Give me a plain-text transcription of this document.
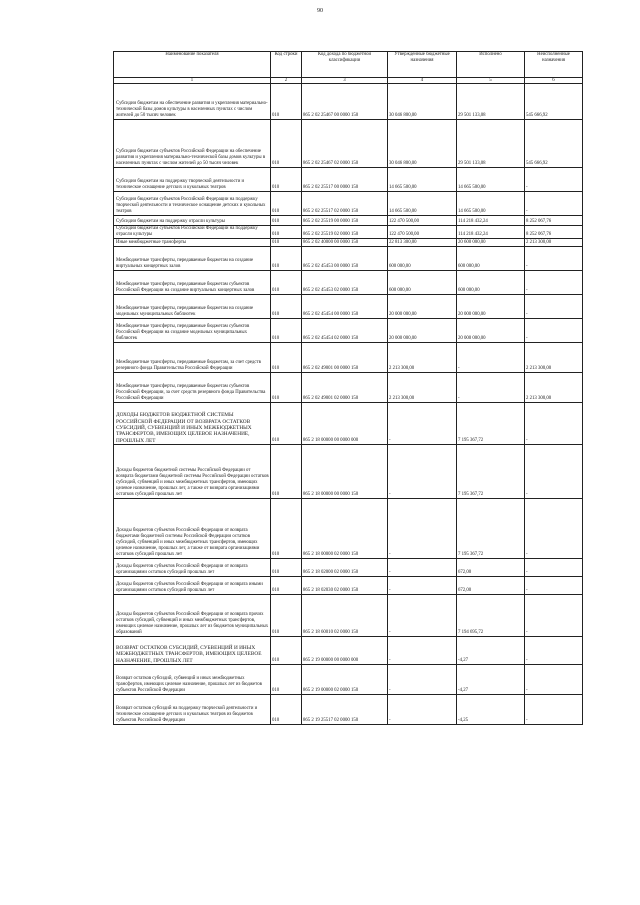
90
Наименование показателя	Код строки	Код дохода по бюджетной классификации	Утвержденные бюджетные назначения	Исполнено	Неисполненные назначения
1	2	3	4	5	6
Субсидии бюджетам на обеспечение развития и укрепления материально-технической базы домов культуры в населенных пунктах с числом жителей до 50 тысяч человек	010	865 2 02 25467 00 0000 150	30 046 800,00	29 501 133,08	545 666,92
Субсидии бюджетам субъектов Российской Федерации на обеспечение развития и укрепления материально-технической базы домов культуры в населенных пунктах с числом жителей до 50 тысяч человек	010	865 2 02 25467 02 0000 150	30 046 800,00	29 501 133,08	545 666,92
Субсидии бюджетам на поддержку творческой деятельности и техническое оснащение детских и кукольных театров	010	865 2 02 25517 00 0000 150	14 665 500,00	14 665 500,00	-
Субсидии бюджетам субъектов Российской Федерации на поддержку творческой деятельности и техническое оснащение детских и кукольных театров	010	865 2 02 25517 02 0000 150	14 665 500,00	14 665 500,00	-
Субсидии бюджетам на поддержку отрасли культуры	010	865 2 02 25519 00 0000 150	122 470 500,00	114 218 432,24	8 252 067,76
Субсидии бюджетам субъектов Российской Федерации на поддержку отрасли культуры	010	865 2 02 25519 02 0000 150	122 470 500,00	114 218 432,24	8 252 067,76
Иные межбюджетные трансферты	010	865 2 02 40000 00 0000 150	22 813 300,00	20 600 000,00	2 213 300,00
Межбюджетные трансферты, передаваемые бюджетам на создание виртуальных концертных залов	010	865 2 02 45453 00 0000 150	600 000,00	600 000,00	-
Межбюджетные трансферты, передаваемые бюджетам субъектов Российской Федерации на создание виртуальных концертных залов	010	865 2 02 45453 02 0000 150	600 000,00	600 000,00	-
Межбюджетные трансферты, передаваемые бюджетам на создание модельных муниципальных библиотек	010	865 2 02 45454 00 0000 150	20 000 000,00	20 000 000,00	-
Межбюджетные трансферты, передаваемые бюджетам субъектов Российской Федерации на создание модельных муниципальных библиотек	010	865 2 02 45454 02 0000 150	20 000 000,00	20 000 000,00	-
Межбюджетные трансферты, передаваемые бюджетам, за счет средств резервного фонда Правительства Российской Федерации	010	865 2 02 49001 00 0000 150	2 213 300,00	-	2 213 300,00
Межбюджетные трансферты, передаваемые бюджетам субъектов Российской Федерации, за счет средств резервного фонда Правительства Российской Федерации	010	865 2 02 49001 02 0000 150	2 213 300,00	-	2 213 300,00
ДОХОДЫ БЮДЖЕТОВ БЮДЖЕТНОЙ СИСТЕМЫ РОССИЙСКОЙ ФЕДЕРАЦИИ ОТ ВОЗВРАТА ОСТАТКОВ СУБСИДИЙ, СУБВЕНЦИЙ И ИНЫХ МЕЖБЮДЖЕТНЫХ ТРАНСФЕРТОВ, ИМЕЮЩИХ ЦЕЛЕВОЕ НАЗНАЧЕНИЕ, ПРОШЛЫХ ЛЕТ	010	865 2 18 00000 00 0000 000	-	7 195 367,72	-
Доходы бюджетов бюджетной системы Российской Федерации от возврата бюджетами бюджетной системы Российской Федерации остатков субсидий, субвенций и иных межбюджетных трансфертов, имеющих целевое назначение, прошлых лет, а также от возврата организациями остатков субсидий прошлых лет	010	865 2 18 00000 00 0000 150	-	7 195 367,72	-
Доходы бюджетов субъектов Российской Федерации от возврата бюджетами бюджетной системы Российской Федерации остатков субсидий, субвенций и иных межбюджетных трансфертов, имеющих целевое назначение, прошлых лет, а также от возврата организациями остатков субсидий прошлых лет	010	865 2 18 00000 02 0000 150	-	7 195 367,72	-
Доходы бюджетов субъектов Российской Федерации от возврата организациями остатков субсидий прошлых лет	010	865 2 18 02000 02 0000 150	-	672,00	-
Доходы бюджетов субъектов Российской Федерации от возврата иными организациями остатков субсидий прошлых лет	010	865 2 18 02030 02 0000 150	-	672,00	-
Доходы бюджетов субъектов Российской Федерации от возврата прочих остатков субсидий, субвенций и иных межбюджетных трансфертов, имеющих целевое назначение, прошлых лет из бюджетов муниципальных образований	010	865 2 18 60010 02 0000 150	-	7 194 695,72	-
ВОЗВРАТ ОСТАТКОВ СУБСИДИЙ, СУБВЕНЦИЙ И ИНЫХ МЕЖБЮДЖЕТНЫХ ТРАНСФЕРТОВ, ИМЕЮЩИХ ЦЕЛЕВОЕ НАЗНАЧЕНИЕ, ПРОШЛЫХ ЛЕТ	010	865 2 19 00000 00 0000 000	-	-4,27	-
Возврат остатков субсидий, субвенций и иных межбюджетных трансфертов, имеющих целевое назначение, прошлых лет из бюджетов субъектов Российской Федерации	010	865 2 19 00000 02 0000 150	-	-4,27	-
Возврат остатков субсидий на поддержку творческой деятельности и техническое оснащение детских и кукольных театров из бюджетов субъектов Российской Федерации	010	865 2 19 25517 02 0000 150	-	-4,25	-
